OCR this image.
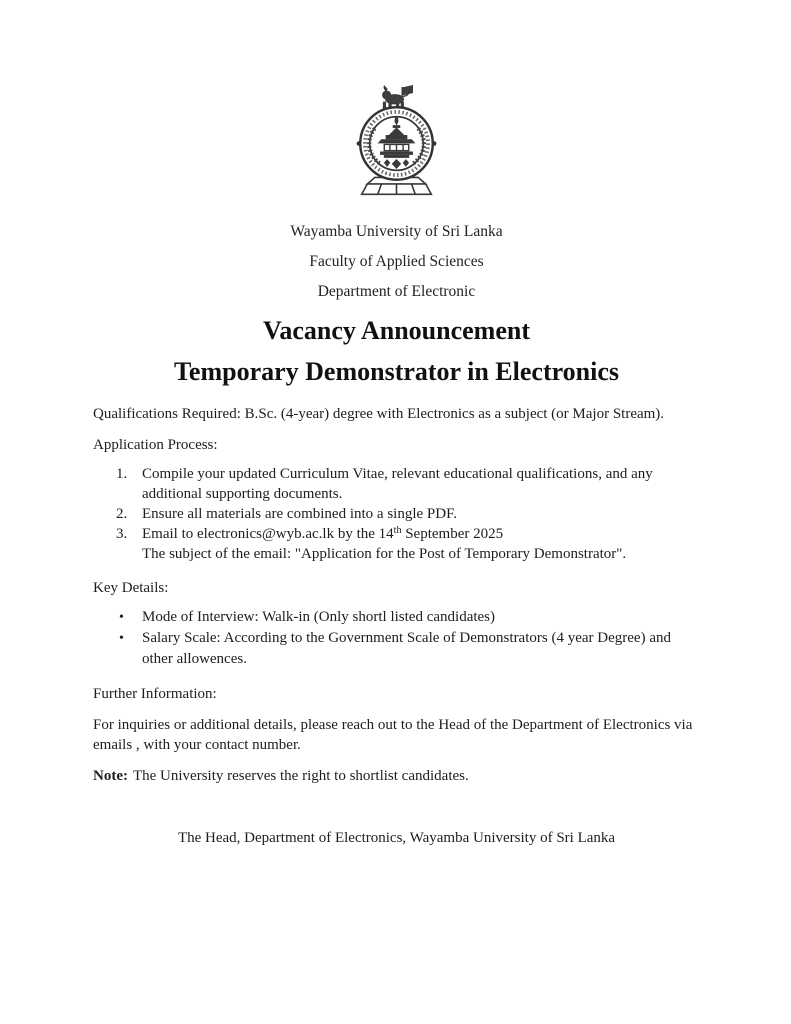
Wayamba University of Sri Lanka
Faculty of Applied Sciences
Department of Electronic
Vacancy Announcement
Temporary Demonstrator in Electronics
Qualifications Required: B.Sc. (4-year) degree with Electronics as a subject (or Major Stream).
Application Process:
1. Compile your updated Curriculum Vitae, relevant educational qualifications, and any additional supporting documents.
2. Ensure all materials are combined into a single PDF.
3. Email to electronics@wyb.ac.lk by the 14th September 2025
The subject of the email: "Application for the Post of Temporary Demonstrator".
Key Details:
•	Mode of Interview: Walk-in (Only shortl listed candidates)
•	Salary Scale: According to the Government Scale of Demonstrators (4 year Degree) and other allowences.
Further Information:
For inquiries or additional details, please reach out to the Head of the Department of Electronics via emails , with your contact number.
Note: The University reserves the right to shortlist candidates.
The Head, Department of Electronics, Wayamba University of Sri Lanka
